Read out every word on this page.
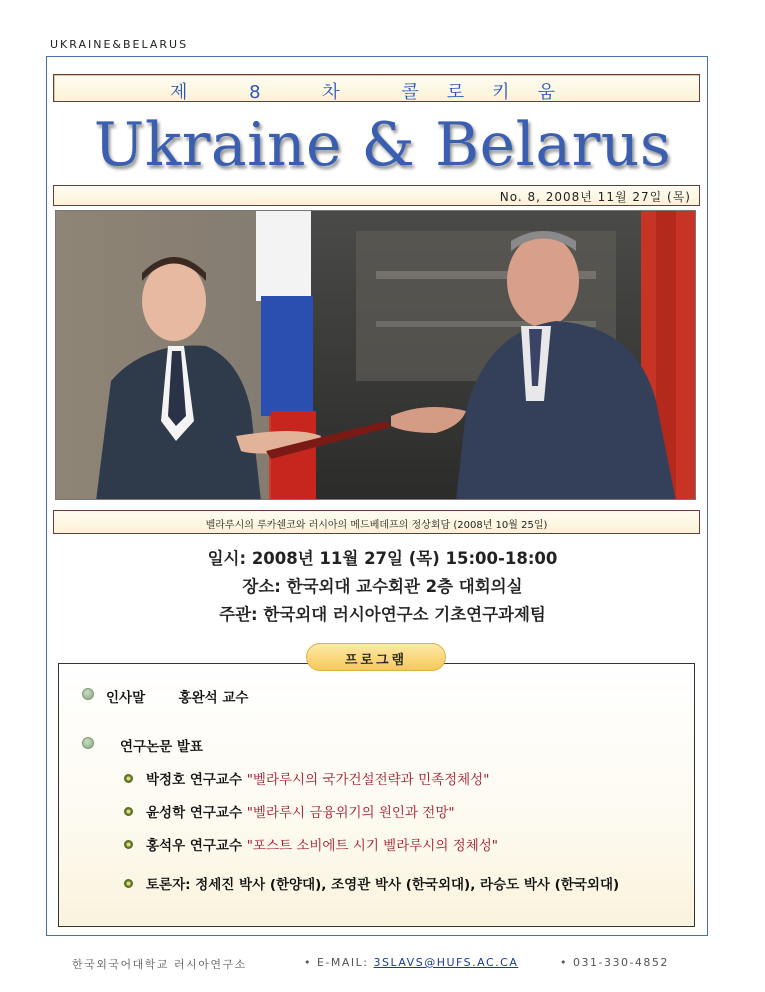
UKRAINE&BELARUS
제 8 차 콜로키움
Ukraine & Belarus
No. 8, 2008년 11월 27일 (목)
벨라루시의 루카쉔코와 러시아의 메드베데프의 정상회담 (2008년 10월 25일)
일시: 2008년 11월 27일 (목) 15:00-18:00
장소: 한국외대 교수회관 2층 대회의실
주관: 한국외대 러시아연구소 기초연구과제팀
$_{프로그램}$
인사말 홍완석 교수
연구논문 발표
박정호 연구교수 "벨라루시의 국가건설전략과 민족정체성"
윤성학 연구교수 "벨라루시 금융위기의 원인과 전망"
홍석우 연구교수 "포스트 소비에트 시기 벨라루시의 정체성"
토론자: 정세진 박사 (한양대), 조영관 박사 (한국외대), 라승도 박사 (한국외대)
한국외국어대학교 러시아연구소	• E-MAIL: 3SLAVS@HUFS.AC.CA	• 031-330-4852
